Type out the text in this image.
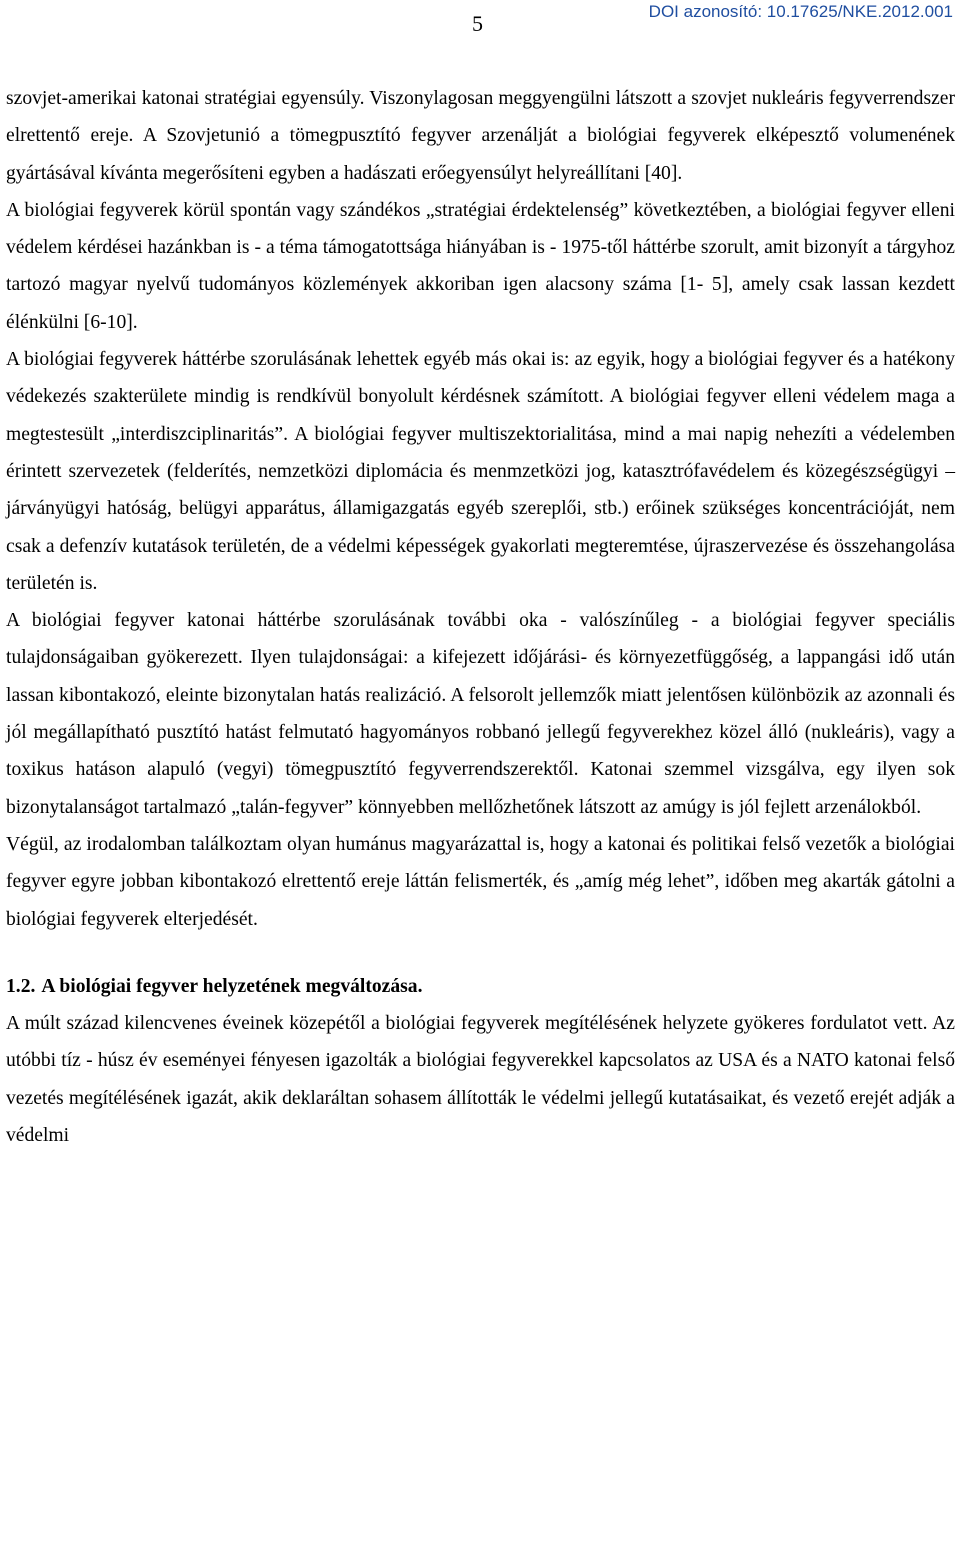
5	DOI azonosító: 10.17625/NKE.2012.001

szovjet-amerikai katonai stratégiai egyensúly. Viszonylagosan meggyengülni látszott a szovjet nukleáris fegyverrendszer elrettentő ereje. A Szovjetunió a tömegpusztító fegyver arzenálját a biológiai fegyverek elképesztő volumenének gyártásával kívánta megerősíteni egyben a hadászati erőegyensúlyt helyreállítani [40].

A biológiai fegyverek körül spontán vagy szándékos „stratégiai érdektelenség” következtében, a biológiai fegyver elleni védelem kérdései hazánkban is - a téma támogatottsága hiányában is - 1975-től háttérbe szorult, amit bizonyít a tárgyhoz tartozó magyar nyelvű tudományos közlemények akkoriban igen alacsony száma [1- 5], amely csak lassan kezdett élénkülni [6-10].

A biológiai fegyverek háttérbe szorulásának lehettek egyéb más okai is: az egyik, hogy a biológiai fegyver és a hatékony védekezés szakterülete mindig is rendkívül bonyolult kérdésnek számított. A biológiai fegyver elleni védelem maga a megtestesült „interdiszciplinaritás”. A biológiai fegyver multiszektorialitása, mind a mai napig nehezíti a védelemben érintett szervezetek (felderítés, nemzetközi diplomácia és menmzetközi jog, katasztrófavédelem és közegészségügyi – járványügyi hatóság, belügyi apparátus, államigazgatás egyéb szereplői, stb.) erőinek szükséges koncentrációját, nem csak a defenzív kutatások területén, de a védelmi képességek gyakorlati megteremtése, újraszervezése és összehangolása területén is.

A biológiai fegyver katonai háttérbe szorulásának további oka - valószínűleg - a biológiai fegyver speciális tulajdonságaiban gyökerezett. Ilyen tulajdonságai: a kifejezett időjárási- és környezetfüggőség, a lappangási idő után lassan kibontakozó, eleinte bizonytalan hatás realizáció. A felsorolt jellemzők miatt jelentősen különbözik az azonnali és jól megállapítható pusztító hatást felmutató hagyományos robbanó jellegű fegyverekhez közel álló (nukleáris), vagy a toxikus hatáson alapuló (vegyi) tömegpusztító fegyverrendszerektől. Katonai szemmel vizsgálva, egy ilyen sok bizonytalanságot tartalmazó „talán-fegyver” könnyebben mellőzhetőnek látszott az amúgy is jól fejlett arzenálokból.

Végül, az irodalomban találkoztam olyan humánus magyarázattal is, hogy a katonai és politikai felső vezetők a biológiai fegyver egyre jobban kibontakozó elrettentő ereje láttán felismerték, és „amíg még lehet”, időben meg akarták gátolni a biológiai fegyverek elterjedését.

1.2. A biológiai fegyver helyzetének megváltozása.

A múlt század kilencvenes éveinek közepétől a biológiai fegyverek megítélésének helyzete gyökeres fordulatot vett. Az utóbbi tíz - húsz év eseményei fényesen igazolták a biológiai fegyverekkel kapcsolatos az USA és a NATO katonai felső vezetés megítélésének igazát, akik deklaráltan sohasem állították le védelmi jellegű kutatásaikat, és vezető erejét adják a védelmi
